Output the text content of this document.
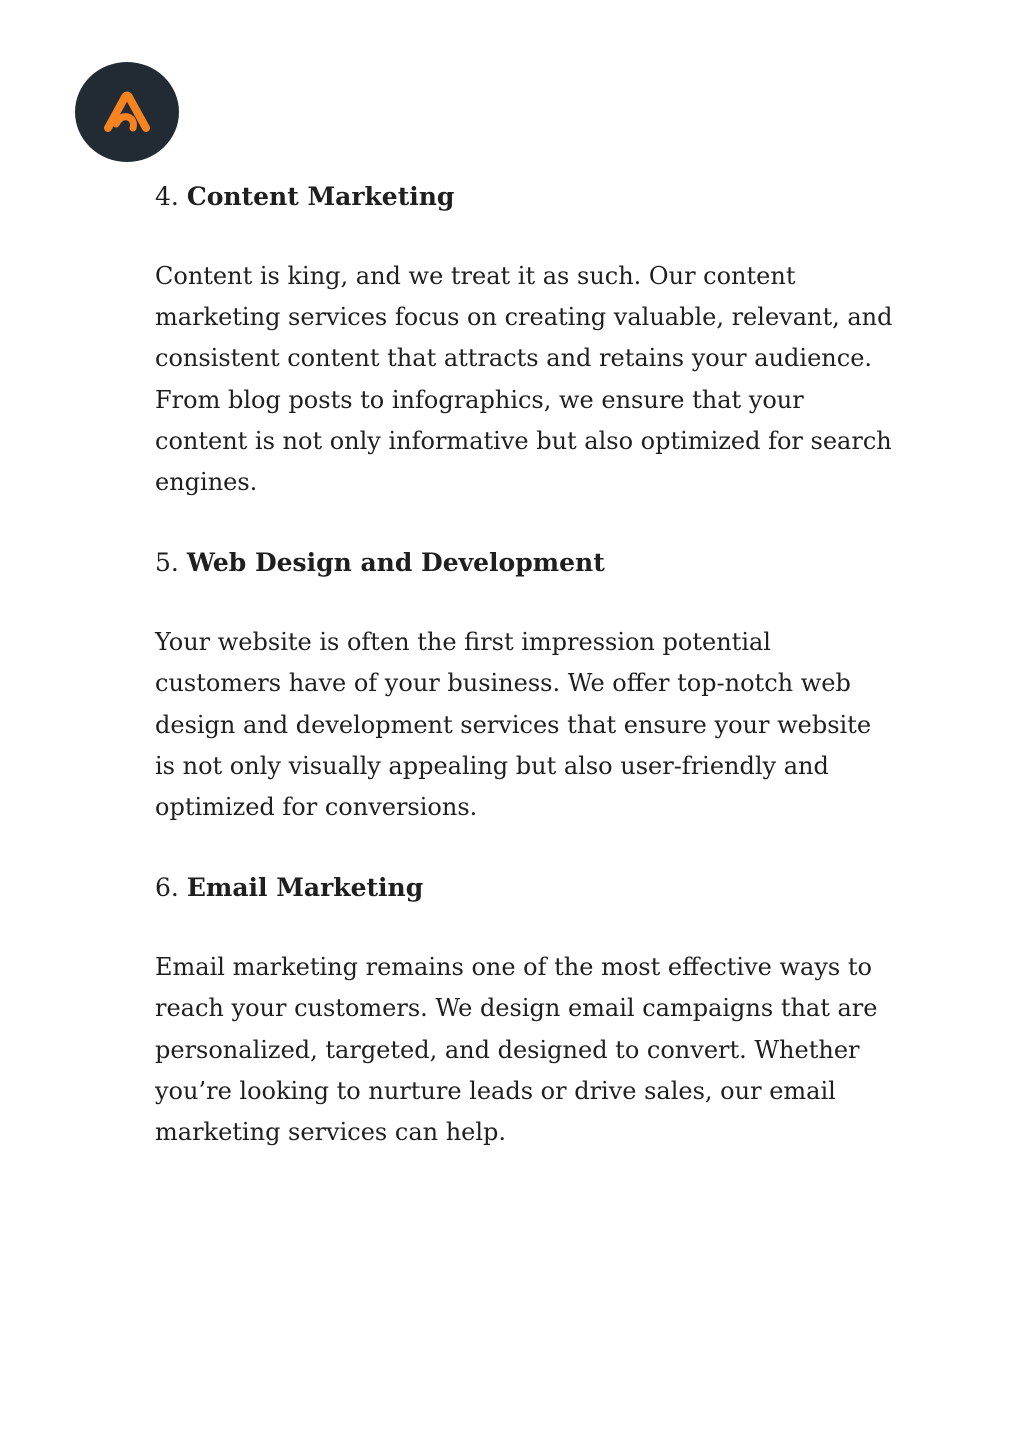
4. Content Marketing

Content is king, and we treat it as such. Our content marketing services focus on creating valuable, relevant, and consistent content that attracts and retains your audience. From blog posts to infographics, we ensure that your content is not only informative but also optimized for search engines.

5. Web Design and Development

Your website is often the first impression potential customers have of your business. We offer top-notch web design and development services that ensure your website is not only visually appealing but also user-friendly and optimized for conversions.

6. Email Marketing

Email marketing remains one of the most effective ways to reach your customers. We design email campaigns that are personalized, targeted, and designed to convert. Whether you’re looking to nurture leads or drive sales, our email marketing services can help.
